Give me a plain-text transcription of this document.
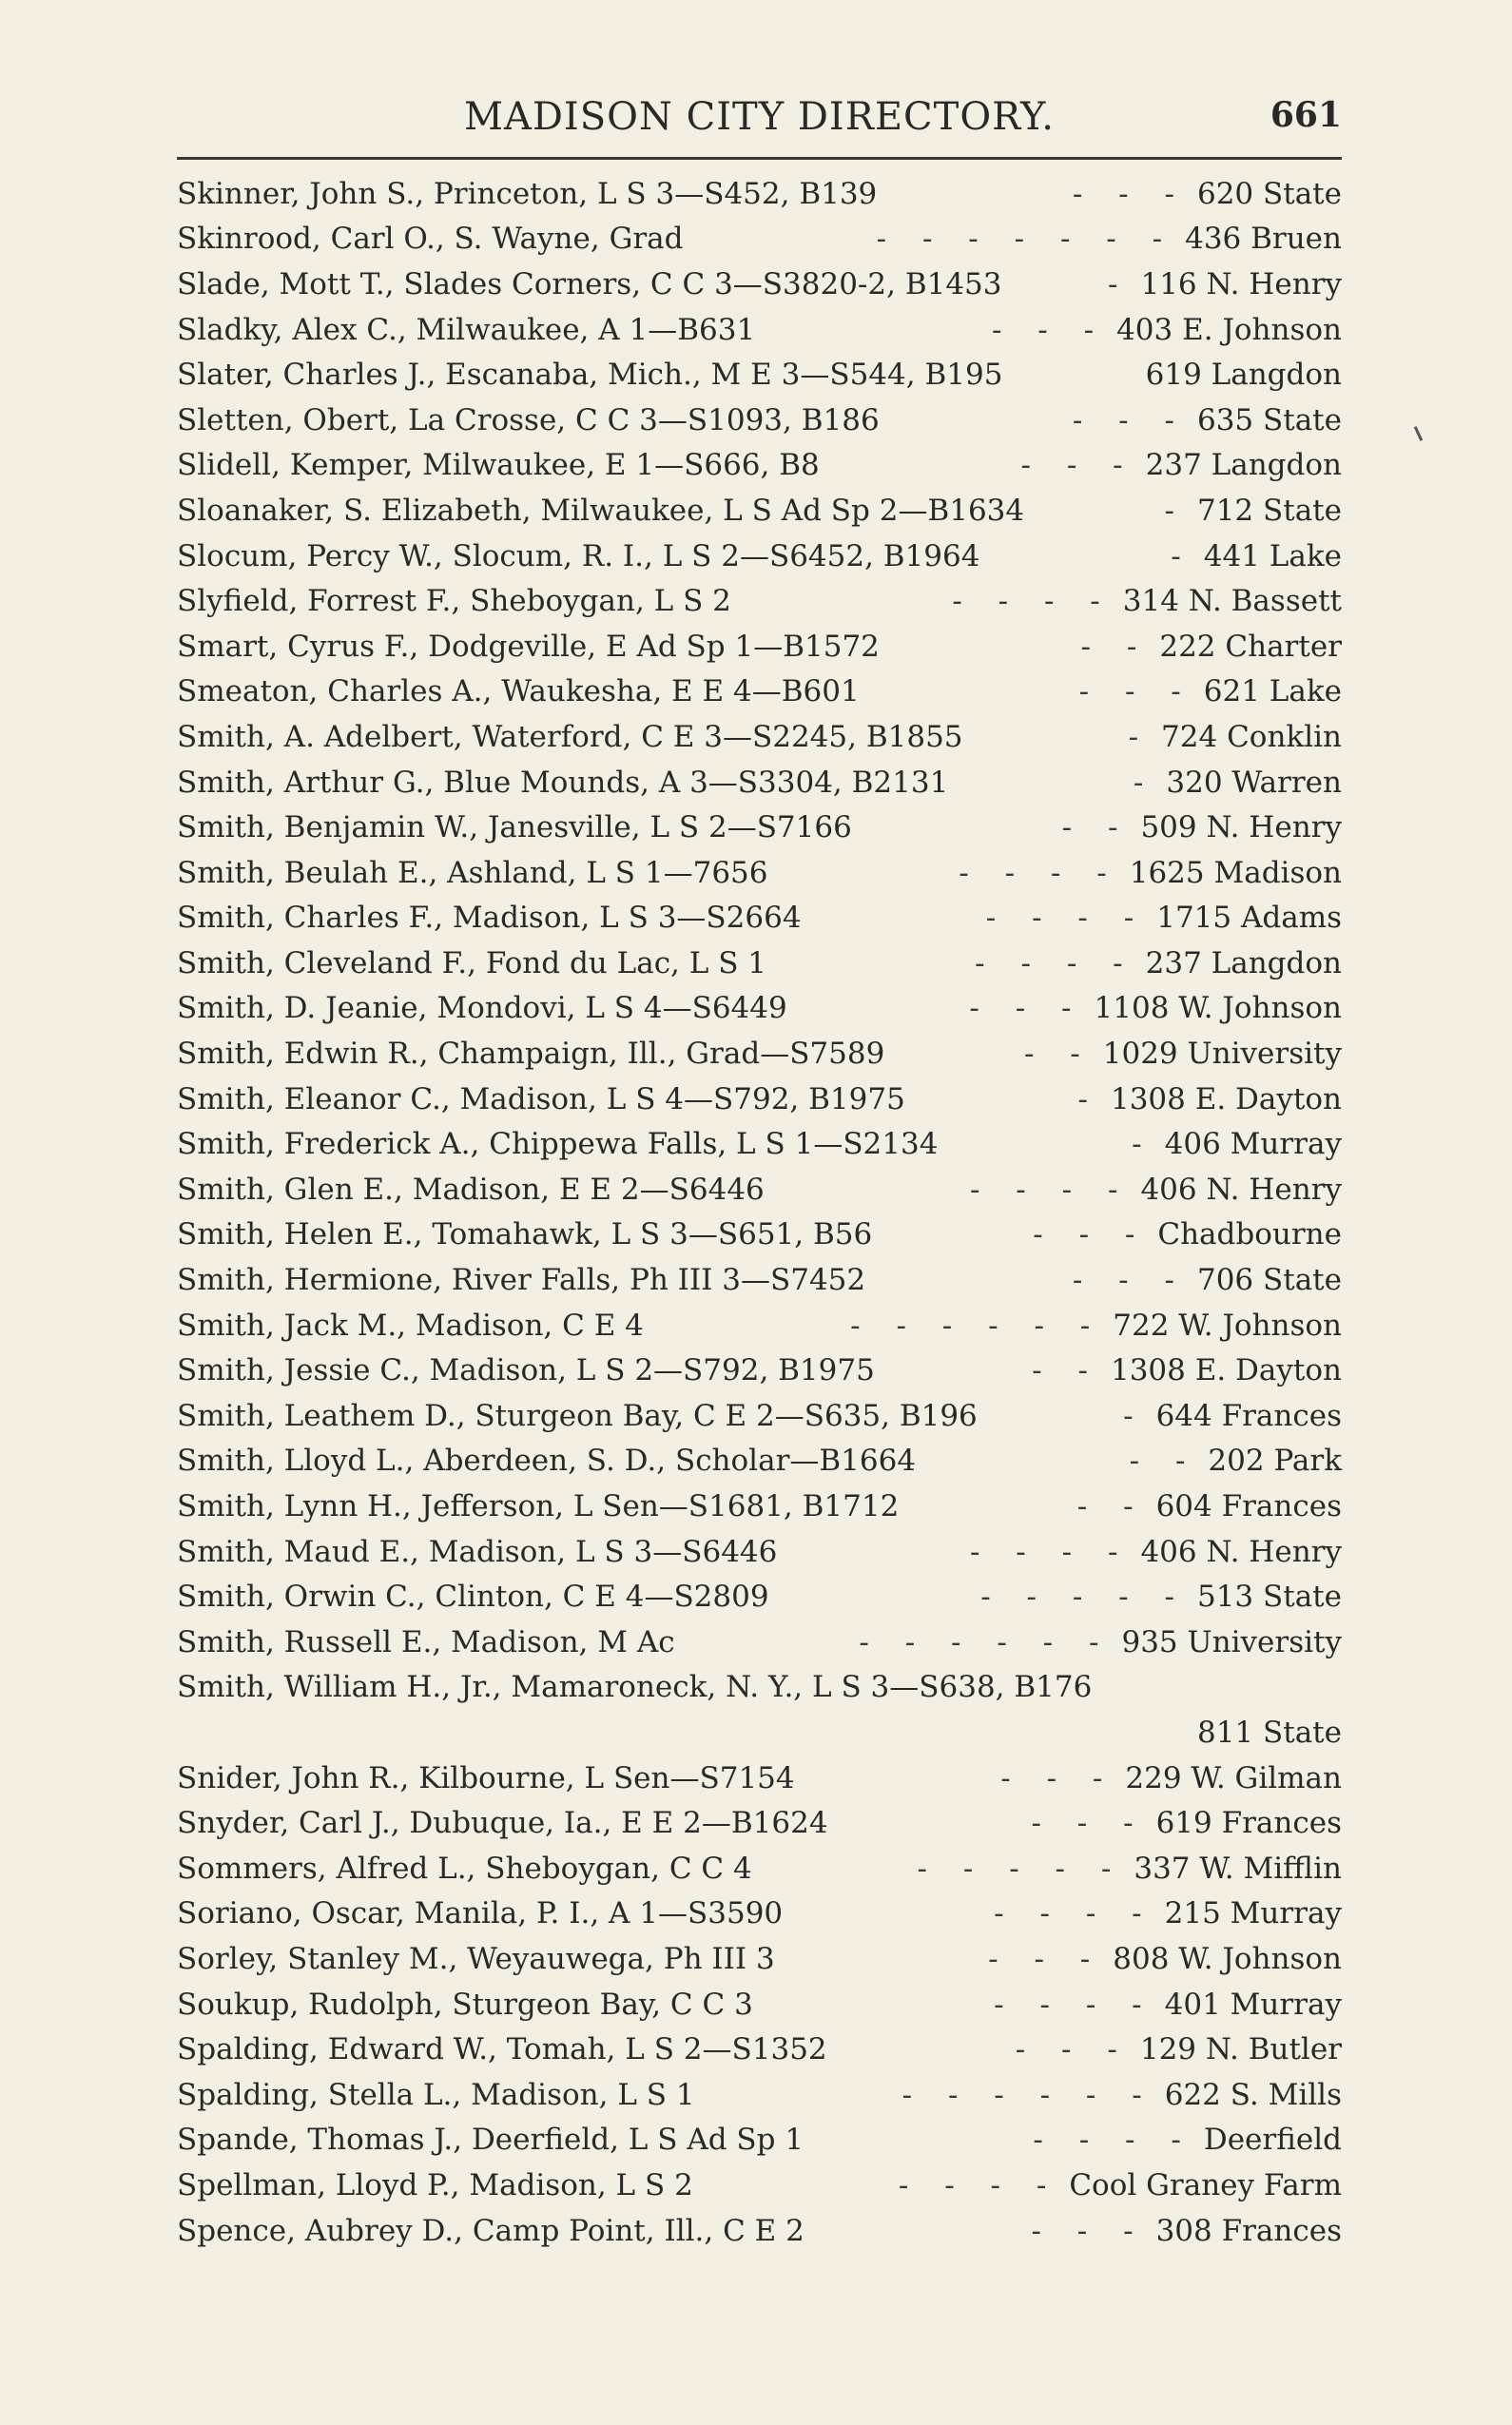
MADISON CITY DIRECTORY.	661
Skinner, John S., Princeton, L S 3—S452, B139	- - - 620 State
Skinrood, Carl O., S. Wayne, Grad	- - - - - - - 436 Bruen
Slade, Mott T., Slades Corners, C C 3—S3820-2, B1453	- 116 N. Henry
Sladky, Alex C., Milwaukee, A 1—B631	- - - 403 E. Johnson
Slater, Charles J., Escanaba, Mich., M E 3—S544, B195	619 Langdon
Sletten, Obert, La Crosse, C C 3—S1093, B186	- - - 635 State
Slidell, Kemper, Milwaukee, E 1—S666, B8	- - - 237 Langdon
Sloanaker, S. Elizabeth, Milwaukee, L S Ad Sp 2—B1634	- 712 State
Slocum, Percy W., Slocum, R. I., L S 2—S6452, B1964	- 441 Lake
Slyfield, Forrest F., Sheboygan, L S 2	- - - - 314 N. Bassett
Smart, Cyrus F., Dodgeville, E Ad Sp 1—B1572	- - 222 Charter
Smeaton, Charles A., Waukesha, E E 4—B601	- - - 621 Lake
Smith, A. Adelbert, Waterford, C E 3—S2245, B1855	- 724 Conklin
Smith, Arthur G., Blue Mounds, A 3—S3304, B2131	- 320 Warren
Smith, Benjamin W., Janesville, L S 2—S7166	- - 509 N. Henry
Smith, Beulah E., Ashland, L S 1—7656	- - - - 1625 Madison
Smith, Charles F., Madison, L S 3—S2664	- - - - 1715 Adams
Smith, Cleveland F., Fond du Lac, L S 1	- - - - 237 Langdon
Smith, D. Jeanie, Mondovi, L S 4—S6449	- - - 1108 W. Johnson
Smith, Edwin R., Champaign, Ill., Grad—S7589	- - 1029 University
Smith, Eleanor C., Madison, L S 4—S792, B1975	- 1308 E. Dayton
Smith, Frederick A., Chippewa Falls, L S 1—S2134	- 406 Murray
Smith, Glen E., Madison, E E 2—S6446	- - - - 406 N. Henry
Smith, Helen E., Tomahawk, L S 3—S651, B56	- - - Chadbourne
Smith, Hermione, River Falls, Ph III 3—S7452	- - - 706 State
Smith, Jack M., Madison, C E 4	- - - - - - 722 W. Johnson
Smith, Jessie C., Madison, L S 2—S792, B1975	- - 1308 E. Dayton
Smith, Leathem D., Sturgeon Bay, C E 2—S635, B196	- 644 Frances
Smith, Lloyd L., Aberdeen, S. D., Scholar—B1664	- - 202 Park
Smith, Lynn H., Jefferson, L Sen—S1681, B1712	- - 604 Frances
Smith, Maud E., Madison, L S 3—S6446	- - - - 406 N. Henry
Smith, Orwin C., Clinton, C E 4—S2809	- - - - - 513 State
Smith, Russell E., Madison, M Ac	- - - - - - 935 University
Smith, William H., Jr., Mamaroneck, N. Y., L S 3—S638, B176
811 State
Snider, John R., Kilbourne, L Sen—S7154	- - - 229 W. Gilman
Snyder, Carl J., Dubuque, Ia., E E 2—B1624	- - - 619 Frances
Sommers, Alfred L., Sheboygan, C C 4	- - - - - 337 W. Mifflin
Soriano, Oscar, Manila, P. I., A 1—S3590	- - - - 215 Murray
Sorley, Stanley M., Weyauwega, Ph III 3	- - - 808 W. Johnson
Soukup, Rudolph, Sturgeon Bay, C C 3	- - - - 401 Murray
Spalding, Edward W., Tomah, L S 2—S1352	- - - 129 N. Butler
Spalding, Stella L., Madison, L S 1	- - - - - - 622 S. Mills
Spande, Thomas J., Deerfield, L S Ad Sp 1	- - - - Deerfield
Spellman, Lloyd P., Madison, L S 2	- - - - Cool Graney Farm
Spence, Aubrey D., Camp Point, Ill., C E 2	- - - 308 Frances
